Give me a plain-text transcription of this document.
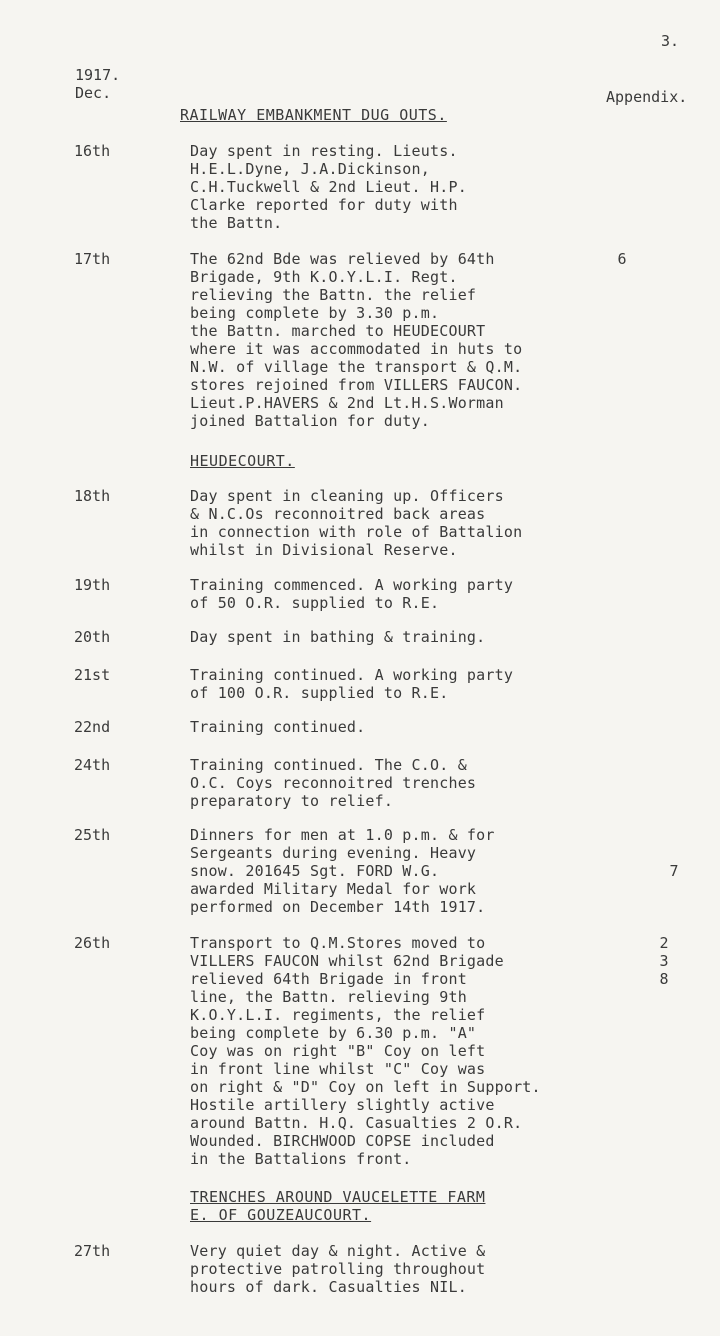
3.
1917.
Dec.	Appendix.
RAILWAY EMBANKMENT DUG OUTS.
16th	Day spent in resting. Lieuts.
H.E.L.Dyne, J.A.Dickinson,
C.H.Tuckwell & 2nd Lieut. H.P.
Clarke reported for duty with
the Battn.
17th	The 62nd Bde was relieved by 64th
Brigade, 9th K.O.Y.L.I. Regt.
relieving the Battn. the relief
being complete by 3.30 p.m.
the Battn. marched to HEUDECOURT
where it was accommodated in huts to
N.W. of village the transport & Q.M.
stores rejoined from VILLERS FAUCON.
Lieut.P.HAVERS & 2nd Lt.H.S.Worman
joined Battalion for duty.
6
HEUDECOURT.
18th	Day spent in cleaning up. Officers
& N.C.Os reconnoitred back areas
in connection with role of Battalion
whilst in Divisional Reserve.
19th	Training commenced. A working party
of 50 O.R. supplied to R.E.
20th	Day spent in bathing & training.
21st	Training continued. A working party
of 100 O.R. supplied to R.E.
22nd	Training continued.
24th	Training continued. The C.O. &
O.C. Coys reconnoitred trenches
preparatory to relief.
25th	Dinners for men at 1.0 p.m. & for
Sergeants during evening. Heavy
snow. 201645 Sgt. FORD W.G.
awarded Military Medal for work
performed on December 14th 1917.
7
26th	Transport to Q.M.Stores moved to
VILLERS FAUCON whilst 62nd Brigade
relieved 64th Brigade in front
line, the Battn. relieving 9th
K.O.Y.L.I. regiments, the relief
being complete by 6.30 p.m. "A"
Coy was on right "B" Coy on left
in front line whilst "C" Coy was
on right & "D" Coy on left in Support.
Hostile artillery slightly active
around Battn. H.Q. Casualties 2 O.R.
Wounded. BIRCHWOOD COPSE included
in the Battalions front.
2
3
8
TRENCHES AROUND VAUCELETTE FARM
E. OF GOUZEAUCOURT.
27th	Very quiet day & night. Active &
protective patrolling throughout
hours of dark. Casualties NIL.
